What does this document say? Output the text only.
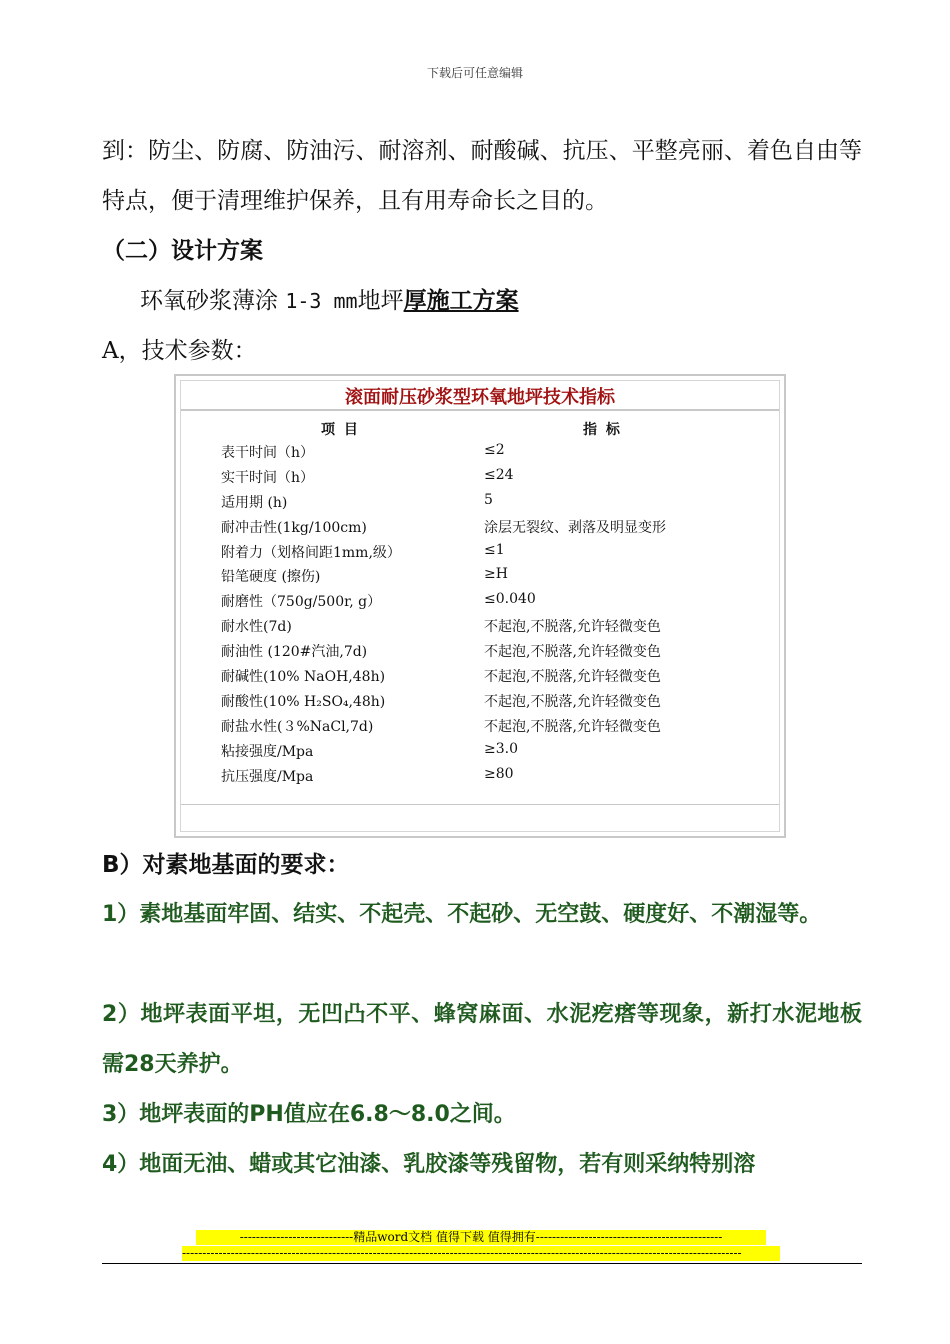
下载后可任意编辑
到：防尘、防腐、防油污、耐溶剂、耐酸碱、抗压、平整亮丽、着色自由等特点，便于清理维护保养，且有用寿命长之目的。
（二）设计方案
环氧砂浆薄涂 1-3 mm地坪厚施工方案
A，技术参数：
滚面耐压砂浆型环氧地坪技术指标
项 目	指 标
表干时间（h）	≤2
实干时间（h）	≤24
适用期 (h)	5
耐冲击性(1kg/100cm)	涂层无裂纹、剥落及明显变形
附着力（划格间距1mm,级）	≤1
铅笔硬度 (擦伤)	≥H
耐磨性（750g/500r, g）	≤0.040
耐水性(7d)	不起泡,不脱落,允许轻微变色
耐油性 (120#汽油,7d)	不起泡,不脱落,允许轻微变色
耐碱性(10% NaOH,48h)	不起泡,不脱落,允许轻微变色
耐酸性(10% H₂SO₄,48h)	不起泡,不脱落,允许轻微变色
耐盐水性(３%NaCl,7d)	不起泡,不脱落,允许轻微变色
粘接强度/Mpa	≥3.0
抗压强度/Mpa	≥80
B）对素地基面的要求：
1）素地基面牢固、结实、不起壳、不起砂、无空鼓、硬度好、不潮湿等。
2）地坪表面平坦，无凹凸不平、蜂窝麻面、水泥疙瘩等现象，新打水泥地板需28天养护。
3）地坪表面的PH值应在6.8～8.0之间。
4）地面无油、蜡或其它油漆、乳胶漆等残留物，若有则采纳特别溶
----------------------------精品word文档 值得下载 值得拥有----------------------------------------------
------------------------------------------------------------------------------------------------------------------------------------------
